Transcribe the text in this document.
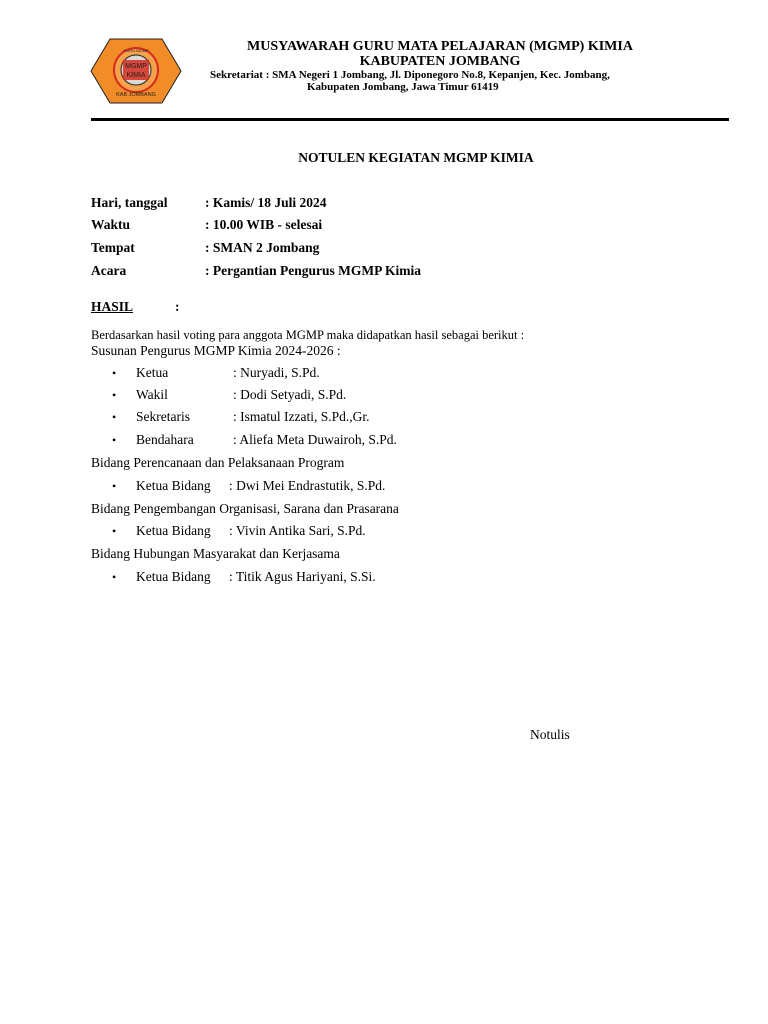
MGMP
KIMIA
GURU MGMP
KAB JOMBANG
MUSYAWARAH GURU MATA PELAJARAN (MGMP) KIMIA
KABUPATEN JOMBANG
Sekretariat : SMA Negeri 1 Jombang, Jl. Diponegoro No.8, Kepanjen, Kec. Jombang,
Kabupaten Jombang, Jawa Timur 61419
NOTULEN KEGIATAN MGMP KIMIA
Hari, tanggal	: Kamis/ 18 Juli 2024
Waktu	: 10.00 WIB - selesai
Tempat	: SMAN 2 Jombang
Acara	: Pergantian Pengurus MGMP Kimia
HASIL	:
Berdasarkan hasil voting para anggota MGMP maka didapatkan hasil sebagai berikut :
Susunan Pengurus MGMP Kimia 2024-2026 :
• Ketua	: Nuryadi, S.Pd.
• Wakil	: Dodi Setyadi, S.Pd.
• Sekretaris	: Ismatul Izzati, S.Pd.,Gr.
• Bendahara	: Aliefa Meta Duwairoh, S.Pd.
Bidang Perencanaan dan Pelaksanaan Program
• Ketua Bidang : Dwi Mei Endrastutik, S.Pd.
Bidang Pengembangan Organisasi, Sarana dan Prasarana
• Ketua Bidang : Vivin Antika Sari, S.Pd.
Bidang Hubungan Masyarakat dan Kerjasama
• Ketua Bidang : Titik Agus Hariyani, S.Si.
Notulis
